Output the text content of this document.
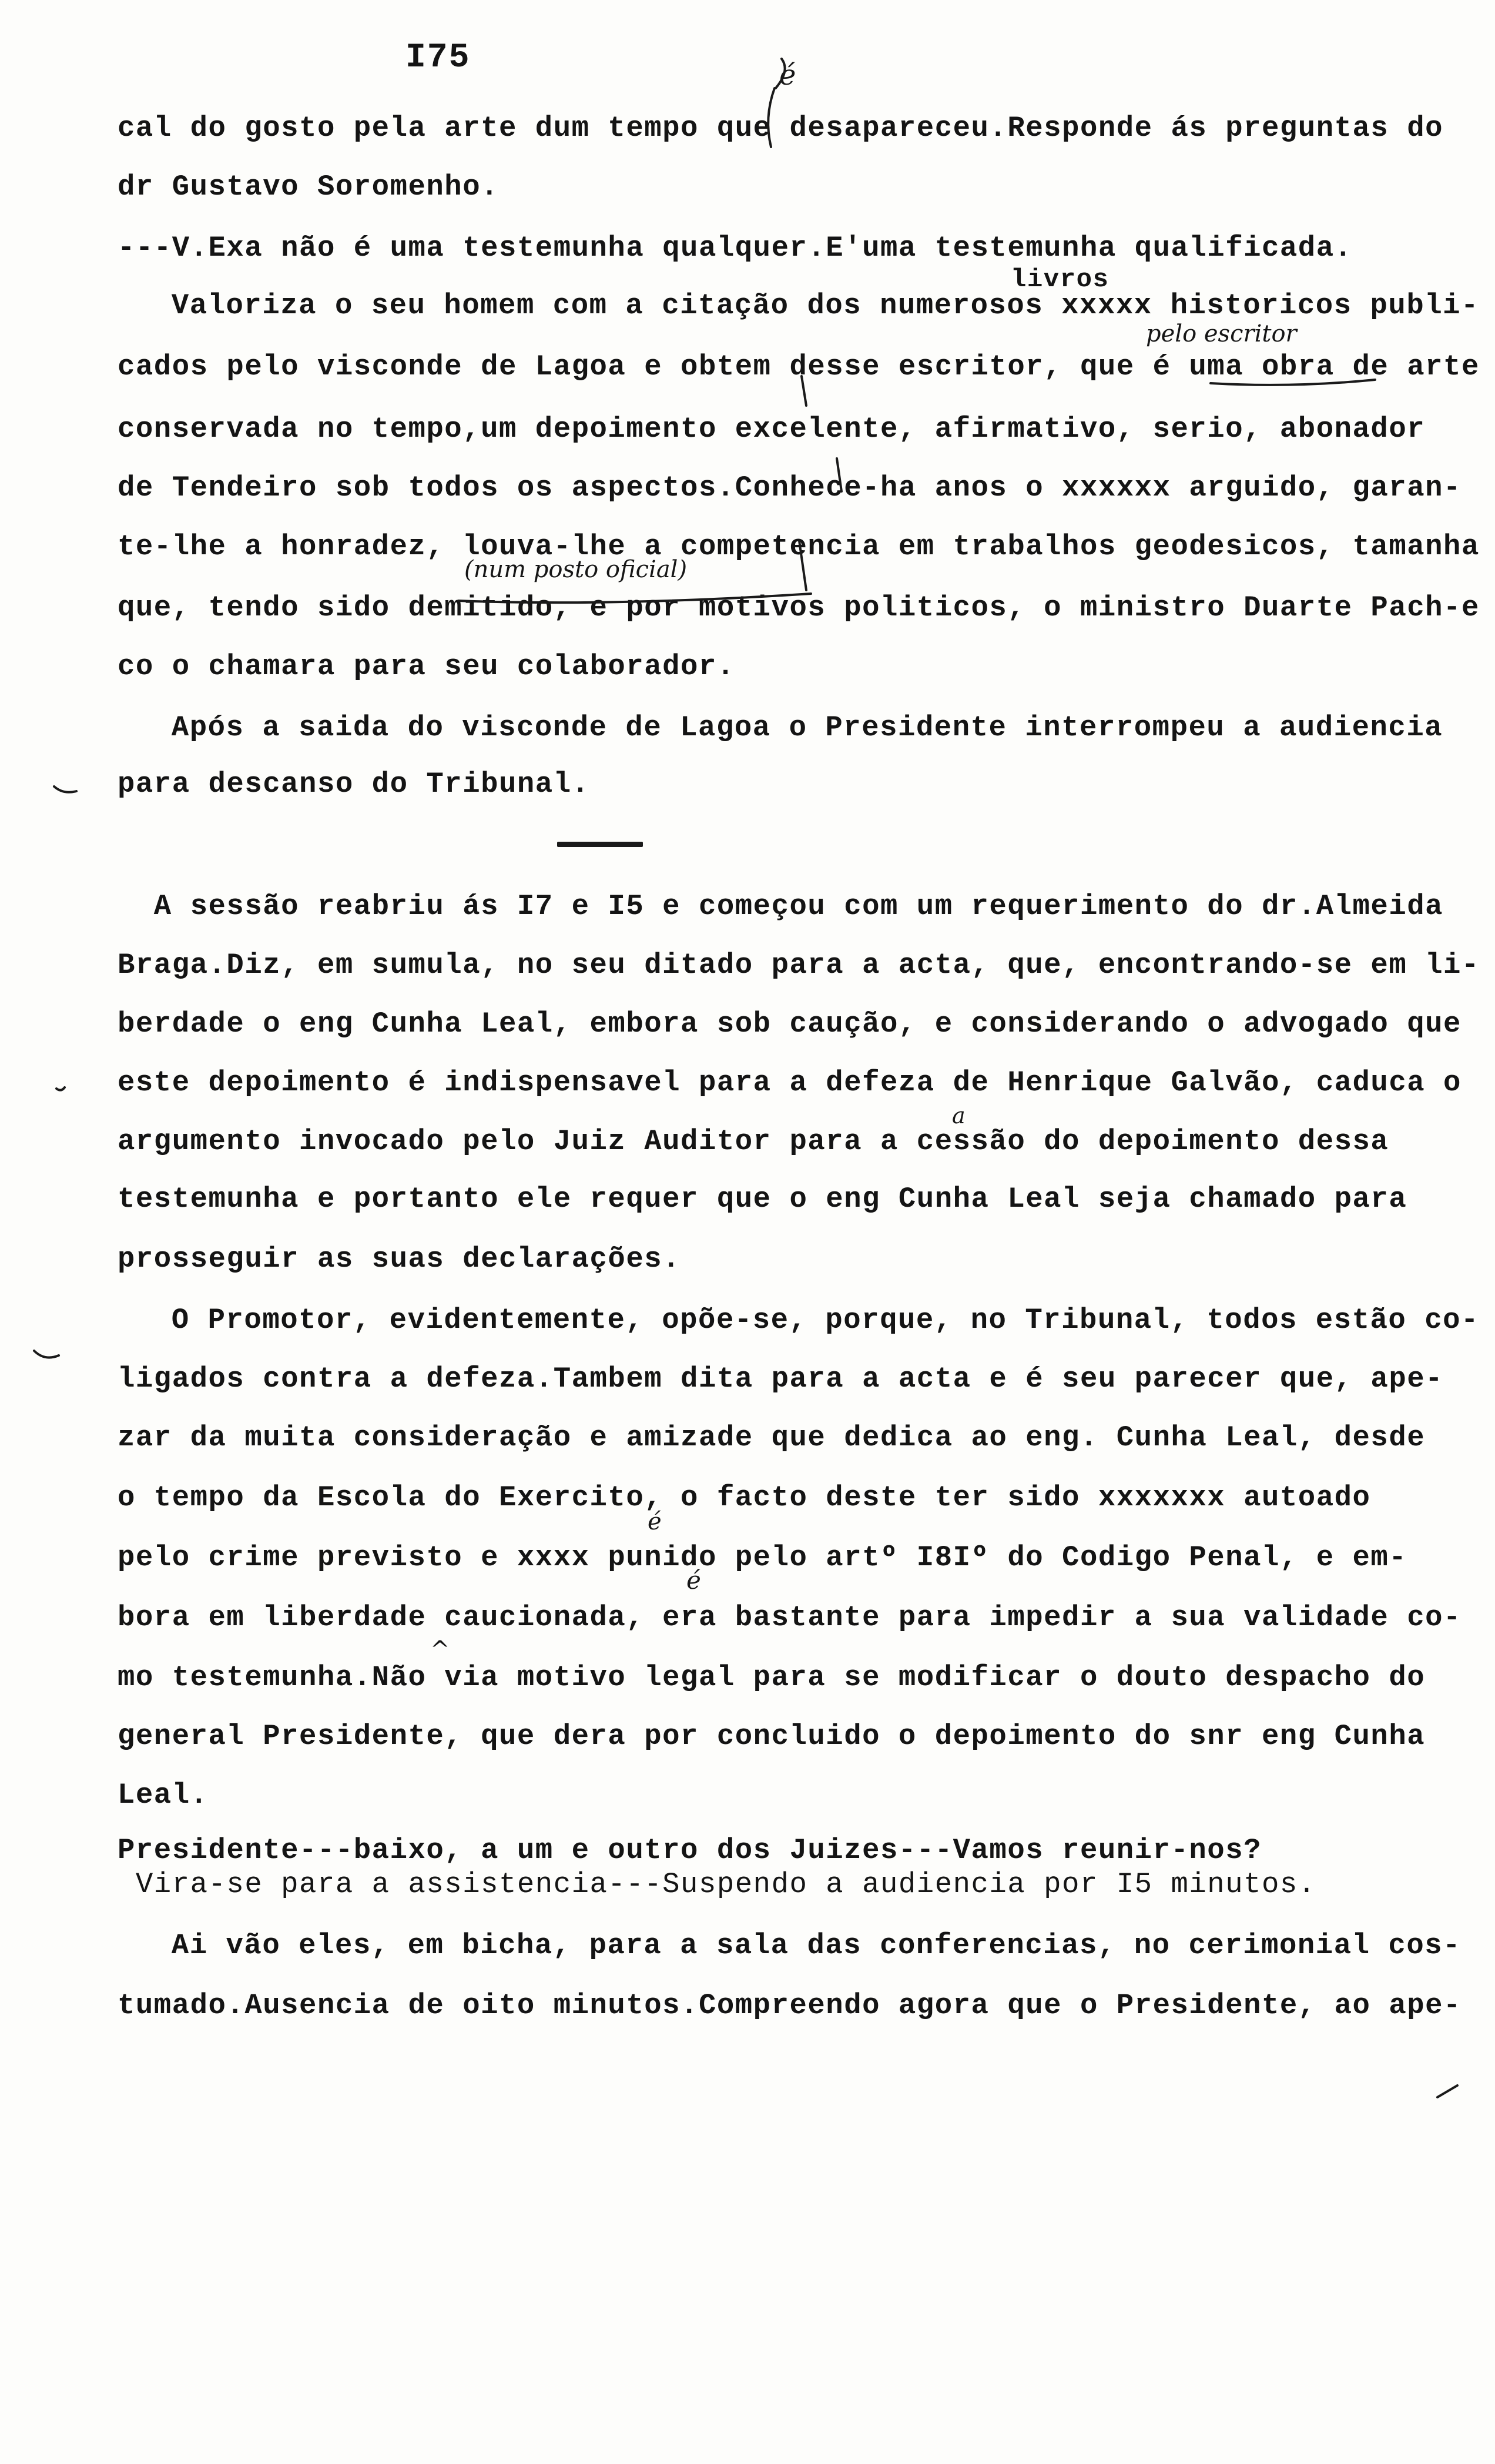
I75
cal do gosto pela arte dum tempo que desapareceu.Responde ás preguntas do
dr Gustavo Soromenho.
---V.Exa não é uma testemunha qualquer.E'uma testemunha qualificada.
livros
Valoriza o seu homem com a citação dos numerosos xxxxx historicos publi-
cados pelo visconde de Lagoa e obtem desse escritor, que é uma obra de arte
conservada no tempo,um depoimento excelente, afirmativo, serio, abonador
de Tendeiro sob todos os aspectos.Conhece-ha anos o xxxxxx arguido, garan-
te-lhe a honradez, louva-lhe a competencia em trabalhos geodesicos, tamanha
que, tendo sido demitido, e por motivos politicos, o ministro Duarte Pach-e
co o chamara para seu colaborador.
Após a saida do visconde de Lagoa o Presidente interrompeu a audiencia
para descanso do Tribunal.
A sessão reabriu ás I7 e I5 e começou com um requerimento do dr.Almeida
Braga.Diz, em sumula, no seu ditado para a acta, que, encontrando-se em li-
berdade o eng Cunha Leal, embora sob caução, e considerando o advogado que
este depoimento é indispensavel para a defeza de Henrique Galvão, caduca o
argumento invocado pelo Juiz Auditor para a cessão do depoimento dessa
testemunha e portanto ele requer que o eng Cunha Leal seja chamado para
prosseguir as suas declarações.
O Promotor, evidentemente, opõe-se, porque, no Tribunal, todos estão co-
ligados contra a defeza.Tambem dita para a acta e é seu parecer que, ape-
zar da muita consideração e amizade que dedica ao eng. Cunha Leal, desde
o tempo da Escola do Exercito, o facto deste ter sido xxxxxxx autoado
pelo crime previsto e xxxx punido pelo artº I8Iº do Codigo Penal, e em-
bora em liberdade caucionada, era bastante para impedir a sua validade co-
mo testemunha.Não via motivo legal para se modificar o douto despacho do
general Presidente, que dera por concluido o depoimento do snr eng Cunha
Leal.
Presidente---baixo, a um e outro dos Juizes---Vamos reunir-nos?
Vira-se para a assistencia---Suspendo a audiencia por I5 minutos.
Ai vão eles, em bicha, para a sala das conferencias, no cerimonial cos-
tumado.Ausencia de oito minutos.Compreendo agora que o Presidente, ao ape-
é
pelo escritor
(num posto oficial)
é
a
é
^
